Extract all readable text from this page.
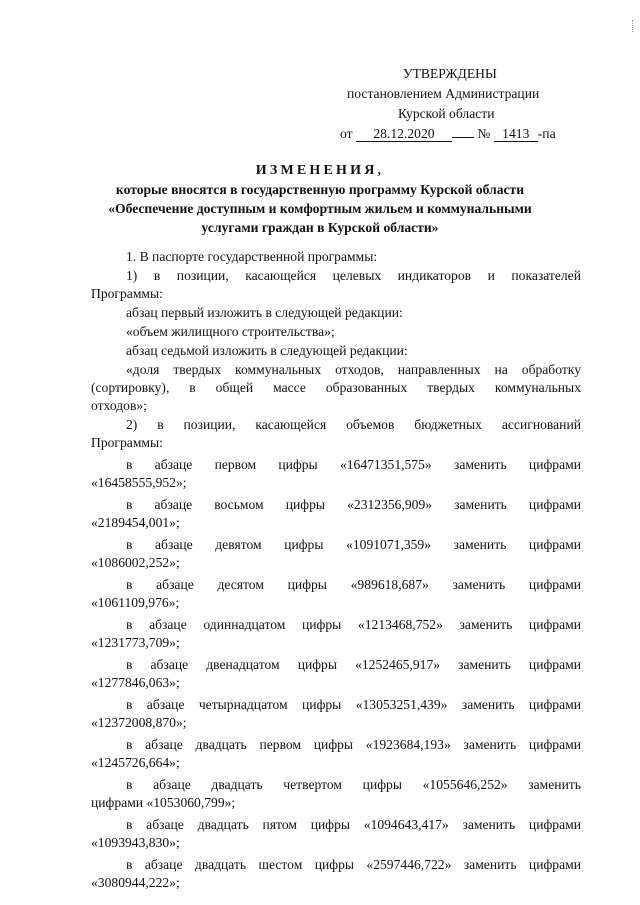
УТВЕРЖДЕНЫ
постановлением Администрации
Курской области
от 28.12.2020	№ 1413 -па
ИЗМЕНЕНИЯ,
которые вносятся в государственную программу Курской области
«Обеспечение доступным и комфортным жильем и коммунальными
услугами граждан в Курской области»

1. В паспорте государственной программы:

1) в позиции, касающейся целевых индикаторов и показателей

Программы:

абзац первый изложить в следующей редакции:

«объем жилищного строительства»;

абзац седьмой изложить в следующей редакции:

«доля твердых коммунальных отходов, направленных на обработку

(сортировку), в общей массе образованных твердых коммунальных

отходов»;

2) в позиции, касающейся объемов бюджетных ассигнований

Программы:

в абзаце первом цифры «16471351,575» заменить цифрами

«16458555,952»;

в абзаце восьмом цифры «2312356,909» заменить цифрами

«2189454,001»;

в абзаце девятом цифры «1091071,359» заменить цифрами

«1086002,252»;

в абзаце десятом цифры «989618,687» заменить цифрами

«1061109,976»;

в абзаце одиннадцатом цифры «1213468,752» заменить цифрами

«1231773,709»;

в абзаце двенадцатом цифры «1252465,917» заменить цифрами

«1277846,063»;

в абзаце четырнадцатом цифры «13053251,439» заменить цифрами

«12372008,870»;

в абзаце двадцать первом цифры «1923684,193» заменить цифрами

«1245726,664»;

в абзаце двадцать четвертом цифры «1055646,252» заменить

цифрами «1053060,799»;

в абзаце двадцать пятом цифры «1094643,417» заменить цифрами

«1093943,830»;

в абзаце двадцать шестом цифры «2597446,722» заменить цифрами

«3080944,222»;
